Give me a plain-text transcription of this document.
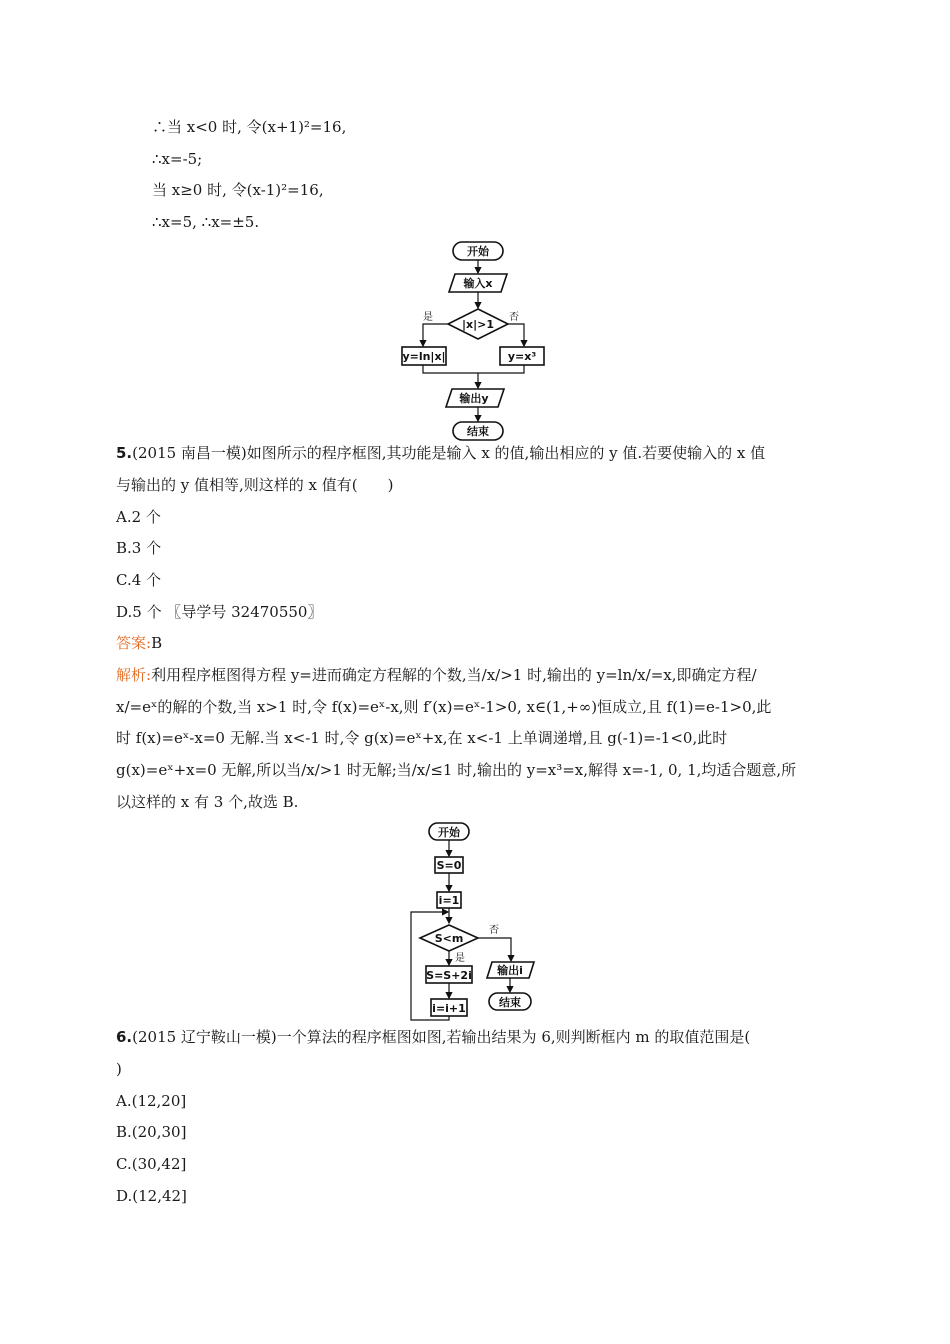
∴当 x<0 时, 令(x+1)²=16,
∴x=-5;
当 x≥0 时, 令(x-1)²=16,
∴x=5, ∴x=±5.
开始
输入x
|x|>1
是	否
y=ln|x|	y=x³
输出y
结束
5.(2015 南昌一模)如图所示的程序框图,其功能是输入 x 的值,输出相应的 y 值.若要使输入的 x 值
与输出的 y 值相等,则这样的 x 值有(　　)
A.2 个
B.3 个
C.4 个
D.5 个 〖导学号 32470550〗
答案:B
解析:利用程序框图得方程 y=进而确定方程解的个数,当/x/>1 时,输出的 y=ln/x/=x,即确定方程/
x/=eˣ的解的个数,当 x>1 时,令 f(x)=eˣ-x,则 f′(x)=eˣ-1>0, x∈(1,+∞)恒成立,且 f(1)=e-1>0,此
时 f(x)=eˣ-x=0 无解.当 x<-1 时,令 g(x)=eˣ+x,在 x<-1 上单调递增,且 g(-1)=-1<0,此时
g(x)=eˣ+x=0 无解,所以当/x/>1 时无解;当/x/≤1 时,输出的 y=x³=x,解得 x=-1, 0, 1,均适合题意,所
以这样的 x 有 3 个,故选 B.
开始
S=0
i=1
S<m
否
是
S=S+2i
i=i+1
输出i
结束
6.(2015 辽宁鞍山一模)一个算法的程序框图如图,若输出结果为 6,则判断框内 m 的取值范围是(
)
A.(12,20]
B.(20,30]
C.(30,42]
D.(12,42]
